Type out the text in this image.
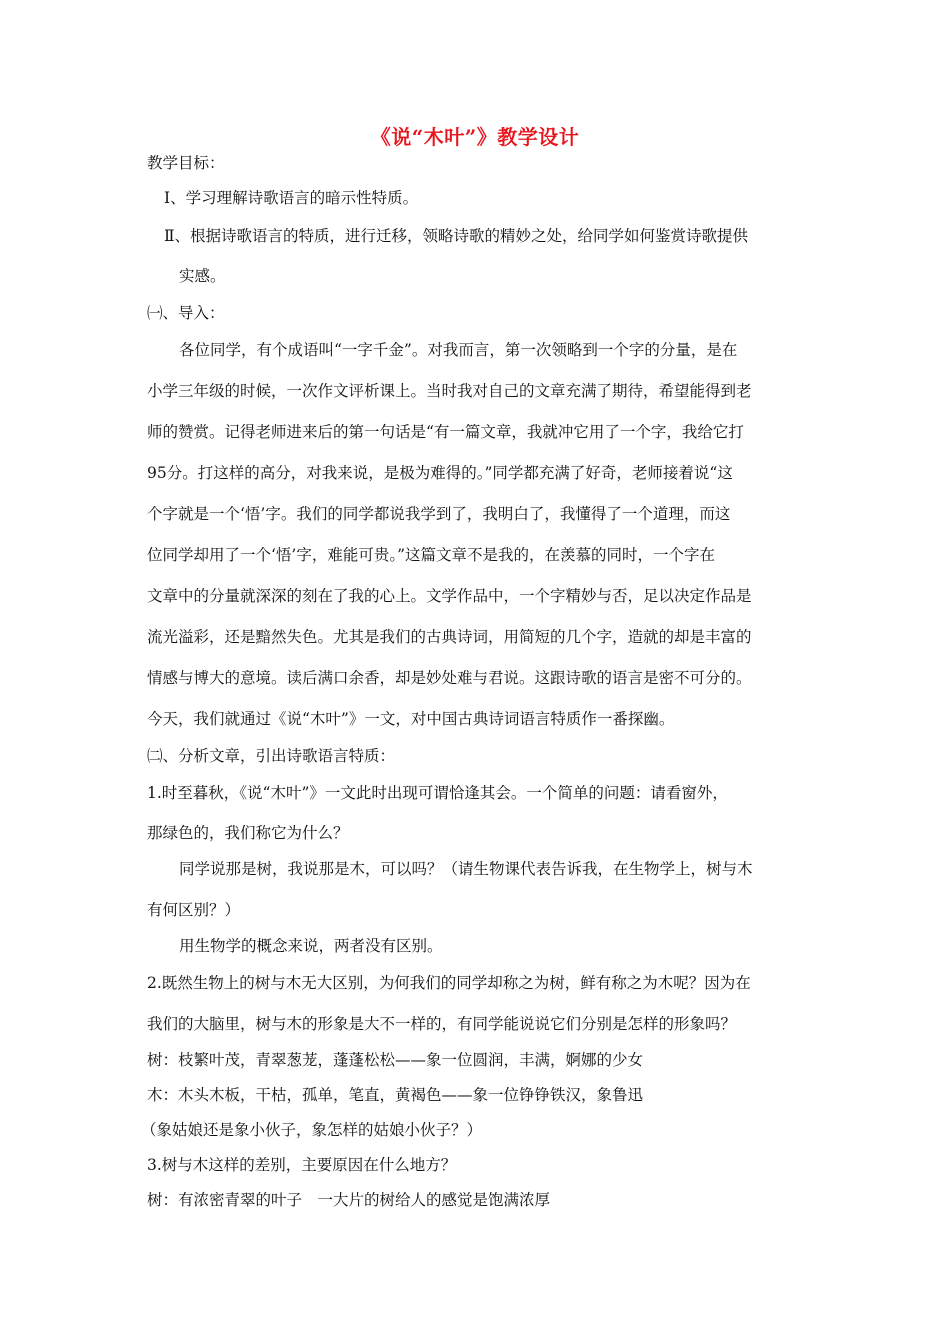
《说“木叶”》教学设计
教学目标：
Ⅰ、学习理解诗歌语言的暗示性特质。
Ⅱ、根据诗歌语言的特质，进行迁移，领略诗歌的精妙之处，给同学如何鉴赏诗歌提供
实感。
㈠、导入：
各位同学，有个成语叫“一字千金”。对我而言，第一次领略到一个字的分量，是在
小学三年级的时候，一次作文评析课上。当时我对自己的文章充满了期待，希望能得到老
师的赞赏。记得老师进来后的第一句话是“有一篇文章，我就冲它用了一个字，我给它打
95分。打这样的高分，对我来说，是极为难得的。”同学都充满了好奇，老师接着说“这
个字就是一个‘悟’字。我们的同学都说我学到了，我明白了，我懂得了一个道理，而这
位同学却用了一个‘悟’字，难能可贵。”这篇文章不是我的，在羡慕的同时，一个字在
文章中的分量就深深的刻在了我的心上。文学作品中，一个字精妙与否，足以决定作品是
流光溢彩，还是黯然失色。尤其是我们的古典诗词，用简短的几个字，造就的却是丰富的
情感与博大的意境。读后满口余香，却是妙处难与君说。这跟诗歌的语言是密不可分的。
今天，我们就通过《说“木叶”》一文，对中国古典诗词语言特质作一番探幽。
㈡、分析文章，引出诗歌语言特质：
1.时至暮秋，《说“木叶”》一文此时出现可谓恰逢其会。一个简单的问题：请看窗外，
那绿色的，我们称它为什么？
同学说那是树，我说那是木，可以吗？（请生物课代表告诉我，在生物学上，树与木
有何区别？）
用生物学的概念来说，两者没有区别。
2.既然生物上的树与木无大区别，为何我们的同学却称之为树，鲜有称之为木呢？因为在
我们的大脑里，树与木的形象是大不一样的，有同学能说说它们分别是怎样的形象吗？
树：枝繁叶茂，青翠葱茏，蓬蓬松松——象一位圆润，丰满，婀娜的少女
木：木头木板，干枯，孤单，笔直，黄褐色——象一位铮铮铁汉，象鲁迅
（象姑娘还是象小伙子，象怎样的姑娘小伙子？）
3.树与木这样的差别，主要原因在什么地方？
树：有浓密青翠的叶子　一大片的树给人的感觉是饱满浓厚
